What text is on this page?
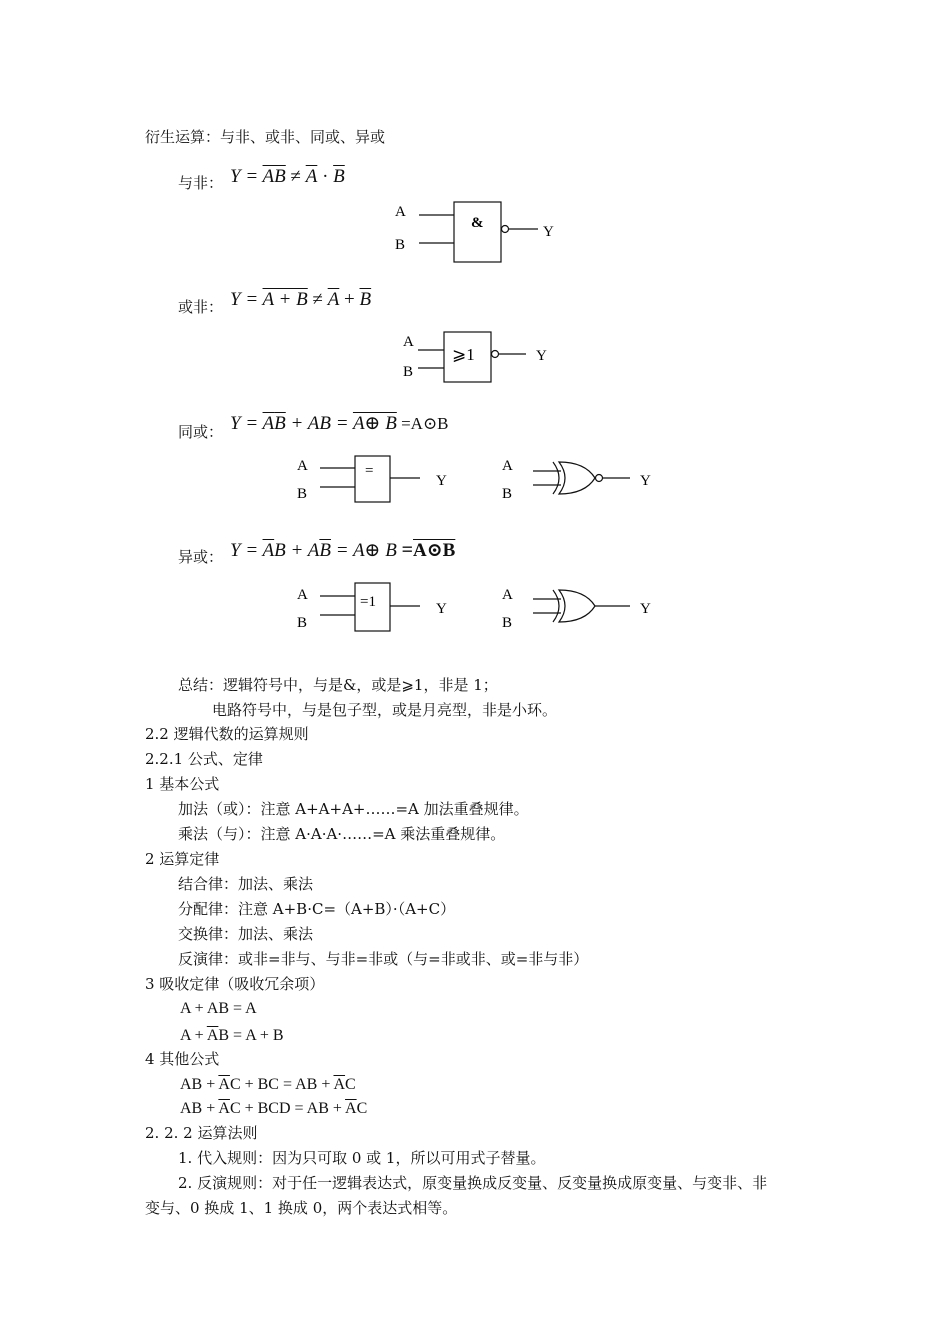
衍生运算：与非、或非、同或、异或
与非： $Y = \overline{AB} \ne \overline{A} \cdot \overline{B}$
A
B
&
Y
或非： $Y = A + B \ne \overline{A} + \overline{B}$
A
B
⩾1	Y
同或： $Y = \overline{A}\overline{B}$ + AB = A⊕ B =A⊙B
A
B
=
Y
A
B
Y
异或： $Y = \overline{A}B + A\overline{B}$ = A⊕ B =A⊙B
A
B
=1	Y
A
B
Y
总结：逻辑符号中，与是&，或是⩾1，非是 1；
电路符号中，与是包子型，或是月亮型，非是小环。
2.2 逻辑代数的运算规则
2.2.1 公式、定律
1 基本公式
加法（或）：注意 A+A+A+……=A 加法重叠规律。
乘法（与）：注意 A·A·A·……=A 乘法重叠规律。
2 运算定律
结合律：加法、乘法
分配律：注意 A+B·C=（A+B）·（A+C）
交换律：加法、乘法
反演律：或非=非与、与非=非或（与=非或非、或=非与非）
3 吸收定律（吸收冗余项）
A + AB = A
$A + \overline{A}B = A + B$
4 其他公式
AB + $\overline{A}C$ + BC = AB + $\overline{A}C$
AB + $\overline{A}C$ + BCD = AB + $\overline{A}C$
2. 2. 2 运算法则
1. 代入规则：因为只可取 0 或 1，所以可用式子替量。
2. 反演规则：对于任一逻辑表达式，原变量换成反变量、反变量换成原变量、与变非、非
变与、0 换成 1、1 换成 0，两个表达式相等。
